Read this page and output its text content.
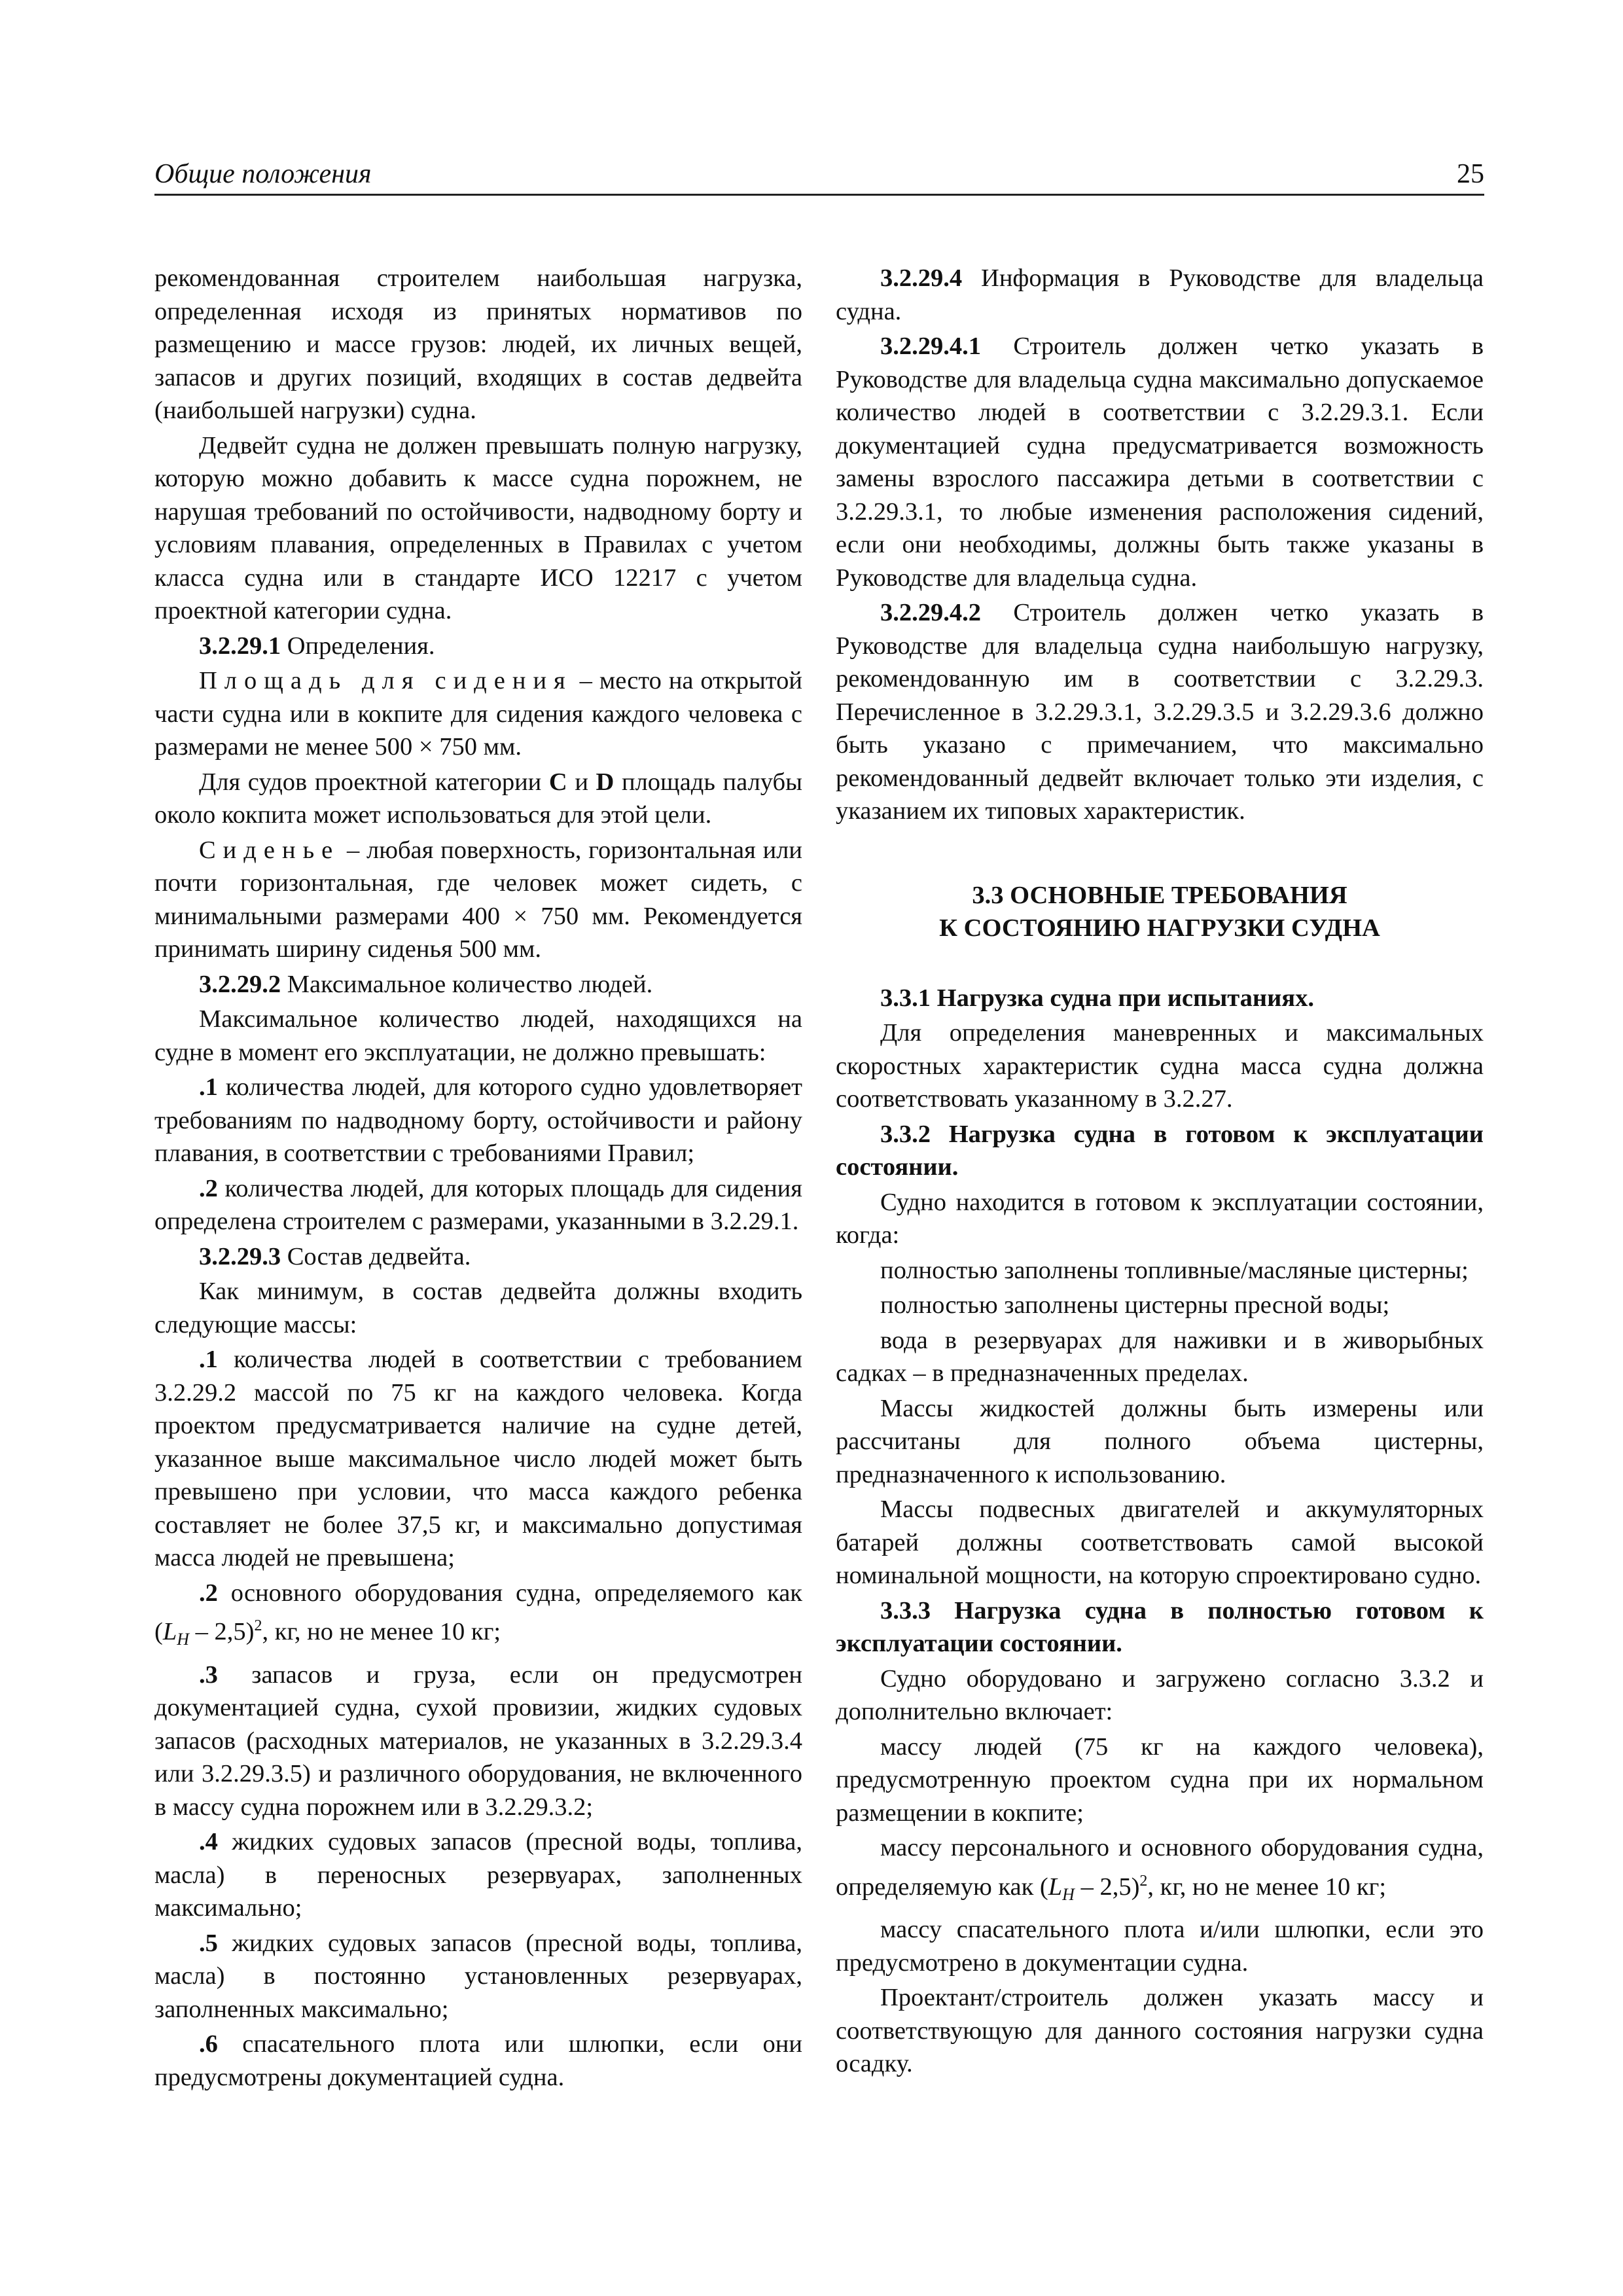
Общие положения	25

рекомендованная строителем наибольшая нагрузка, определенная исходя из принятых нормативов по размещению и массе грузов: людей, их личных вещей, запасов и других позиций, входящих в состав дедвейта (наибольшей нагрузки) судна.

Дедвейт судна не должен превышать полную нагрузку, которую можно добавить к массе судна порожнем, не нарушая требований по остойчивости, надводному борту и условиям плавания, определенных в Правилах с учетом класса судна или в стандарте ИСО 12217 с учетом проектной категории судна.

3.2.29.1 Определения.

Площадь для сидения – место на открытой части судна или в кокпите для сидения каждого человека с размерами не менее 500 × 750 мм.

Для судов проектной категории C и D площадь палубы около кокпита может использоваться для этой цели.

Сиденье – любая поверхность, горизонтальная или почти горизонтальная, где человек может сидеть, с минимальными размерами 400 × 750 мм. Рекомендуется принимать ширину сиденья 500 мм.

3.2.29.2 Максимальное количество людей.

Максимальное количество людей, находящихся на судне в момент его эксплуатации, не должно превышать:

.1 количества людей, для которого судно удовлетворяет требованиям по надводному борту, остойчивости и району плавания, в соответствии с требованиями Правил;

.2 количества людей, для которых площадь для сидения определена строителем с размерами, указанными в 3.2.29.1.

3.2.29.3 Состав дедвейта.

Как минимум, в состав дедвейта должны входить следующие массы:

.1 количества людей в соответствии с требованием 3.2.29.2 массой по 75 кг на каждого человека. Когда проектом предусматривается наличие на судне детей, указанное выше максимальное число людей может быть превышено при условии, что масса каждого ребенка составляет не более 37,5 кг, и максимально допустимая масса людей не превышена;

.2 основного оборудования судна, определяемого как $(L_H - 2,5)^2$, кг, но не менее 10 кг;

.3 запасов и груза, если он предусмотрен документацией судна, сухой провизии, жидких судовых запасов (расходных материалов, не указанных в 3.2.29.3.4 или 3.2.29.3.5) и различного оборудования, не включенного в массу судна порожнем или в 3.2.29.3.2;

.4 жидких судовых запасов (пресной воды, топлива, масла) в переносных резервуарах, заполненных максимально;

.5 жидких судовых запасов (пресной воды, топлива, масла) в постоянно установленных резервуарах, заполненных максимально;

.6 спасательного плота или шлюпки, если они предусмотрены документацией судна.

3.2.29.4 Информация в Руководстве для владельца судна.

3.2.29.4.1 Строитель должен четко указать в Руководстве для владельца судна максимально допускаемое количество людей в соответствии с 3.2.29.3.1. Если документацией судна предусматривается возможность замены взрослого пассажира детьми в соответствии с 3.2.29.3.1, то любые изменения расположения сидений, если они необходимы, должны быть также указаны в Руководстве для владельца судна.

3.2.29.4.2 Строитель должен четко указать в Руководстве для владельца судна наибольшую нагрузку, рекомендованную им в соответствии с 3.2.29.3. Перечисленное в 3.2.29.3.1, 3.2.29.3.5 и 3.2.29.3.6 должно быть указано с примечанием, что максимально рекомендованный дедвейт включает только эти изделия, с указанием их типовых характеристик.

3.3 ОСНОВНЫЕ ТРЕБОВАНИЯ
К СОСТОЯНИЮ НАГРУЗКИ СУДНА

3.3.1 Нагрузка судна при испытаниях.

Для определения маневренных и максимальных скоростных характеристик судна масса судна должна соответствовать указанному в 3.2.27.

3.3.2 Нагрузка судна в готовом к эксплуатации состоянии.

Судно находится в готовом к эксплуатации состоянии, когда:

полностью заполнены топливные/масляные цистерны;

полностью заполнены цистерны пресной воды;

вода в резервуарах для наживки и в живорыбных садках – в предназначенных пределах.

Массы жидкостей должны быть измерены или рассчитаны для полного объема цистерны, предназначенного к использованию.

Массы подвесных двигателей и аккумуляторных батарей должны соответствовать самой высокой номинальной мощности, на которую спроектировано судно.

3.3.3 Нагрузка судна в полностью готовом к эксплуатации состоянии.

Судно оборудовано и загружено согласно 3.3.2 и дополнительно включает:

массу людей (75 кг на каждого человека), предусмотренную проектом судна при их нормальном размещении в кокпите;

массу персонального и основного оборудования судна, определяемую как $(L_H - 2,5)^2$, кг, но не менее 10 кг;

массу спасательного плота и/или шлюпки, если это предусмотрено в документации судна.

Проектант/строитель должен указать массу и соответствующую для данного состояния нагрузки судна осадку.
